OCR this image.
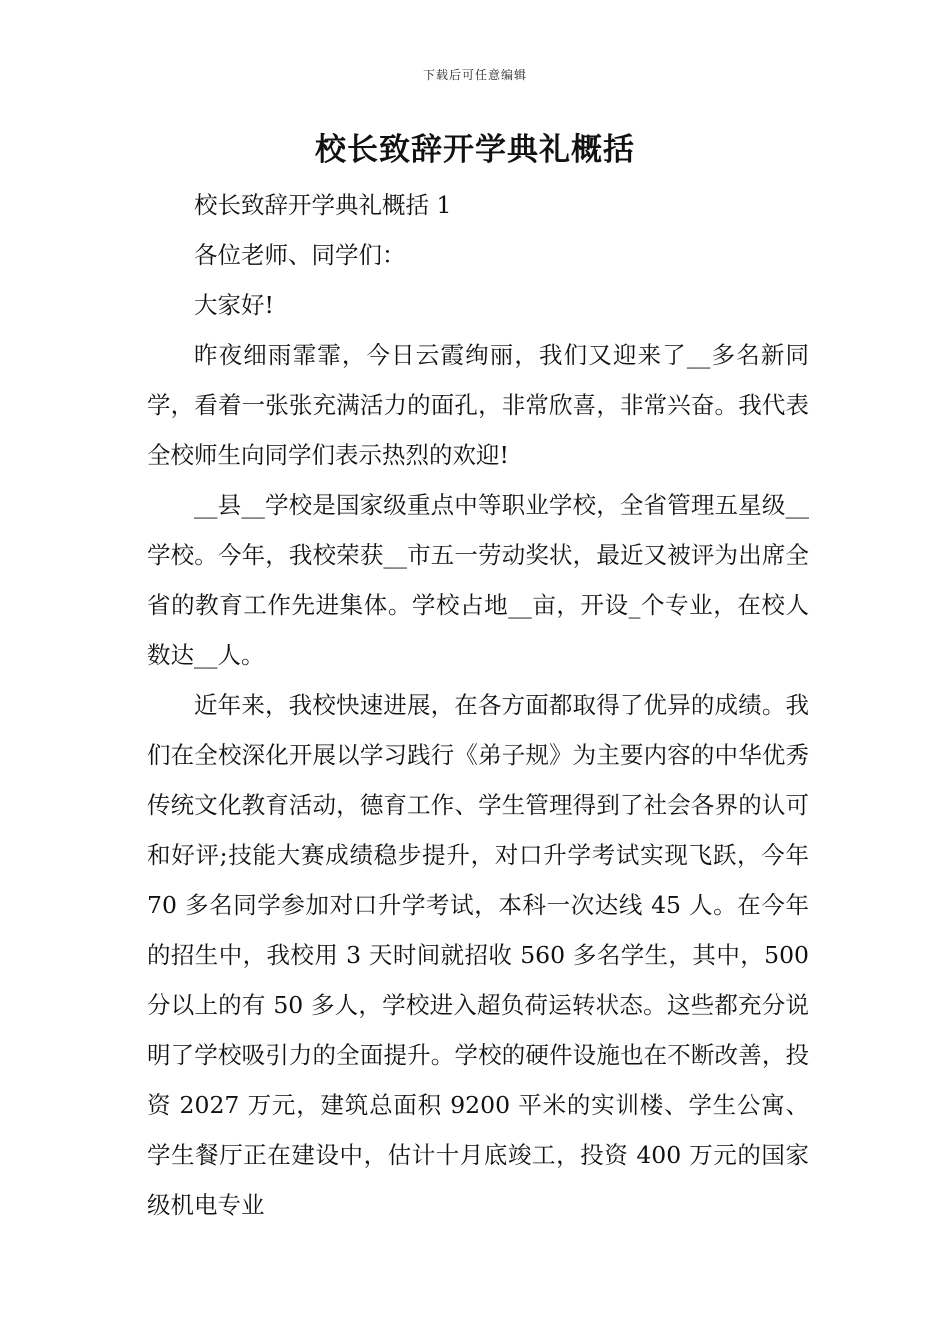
下载后可任意编辑
校长致辞开学典礼概括

校长致辞开学典礼概括 1

各位老师、同学们：

大家好!

昨夜细雨霏霏，今日云霞绚丽，我们又迎来了__多名新同学，看着一张张充满活力的面孔，非常欣喜，非常兴奋。我代表全校师生向同学们表示热烈的欢迎!

__县__学校是国家级重点中等职业学校，全省管理五星级__学校。今年，我校荣获__市五一劳动奖状，最近又被评为出席全省的教育工作先进集体。学校占地__亩，开设_个专业，在校人数达__人。

近年来，我校快速进展，在各方面都取得了优异的成绩。我们在全校深化开展以学习践行《弟子规》为主要内容的中华优秀传统文化教育活动，德育工作、学生管理得到了社会各界的认可和好评;技能大赛成绩稳步提升，对口升学考试实现飞跃，今年 70 多名同学参加对口升学考试，本科一次达线 45 人。在今年的招生中，我校用 3 天时间就招收 560 多名学生，其中，500 分以上的有 50 多人，学校进入超负荷运转状态。这些都充分说明了学校吸引力的全面提升。学校的硬件设施也在不断改善，投资 2027 万元，建筑总面积 9200 平米的实训楼、学生公寓、学生餐厅正在建设中，估计十月底竣工，投资 400 万元的国家级机电专业
